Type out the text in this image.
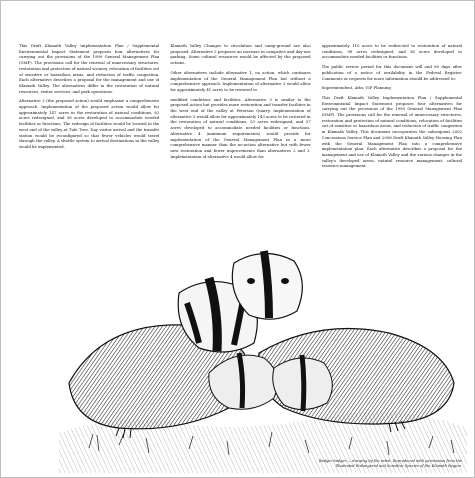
This Draft Klamath Valley Implementation Plan / Supplemental Environmental Impact Statement proposes four alternatives for carrying out the provisions of the 1999 General Management Plan (GMP). The provisions call for the renewal of unnecessary structures, restoration and protection of natural scenery, relocation of facilities out of sensitive or hazardous areas, and reduction of traffic congestion. Each alternative describes a proposal for the management and use of Klamath Valley. The alternatives differ in the restoration of natural resources, visitor services, and park operations.

Alternative 2 (the proposed action) would emphasize a comprehensive approach. Implementation of the proposed action would allow for approximately 147 acres in the restoration of natural conditions, 62 acres redesigned, and 38 acres developed to accommodate needed facilities or functions. The redesign of facilities would be located in the west end of the valley at Tule Tree. Day visitor arrival and the transfer station would be reconfigured so that fewer vehicles would travel through the valley. A shuttle system to arrival destinations in the valley would be implemented.

Klamath Valley Changes to circulation and camp-ground are also proposed. Alternative 2 proposes an increase in campsites and day-use parking. Some cultural resources would be affected by the proposed actions.

Other alternatives include alternative 1, no action, which continues implementation of the General Management Plan but without a comprehensive approach. Implementation of alternative 3 would allow for approximately 41 acres to be restored to

modified conditions and facilities. Alternative 3 is similar to the proposed action but provides more restoration and transfer facilities in the west end of the valley at Peterson Quarry. Implementation of alternative 3 would allow for approximately 143 acres to be restored in the restoration of natural conditions, 53 acres redesigned, and 37 acres developed to accommodate needed facilities or functions. Alternative 4 (minimum requirements) would provide for implementation of the General Management Plan in a more comprehensive manner than the no-action alternative but with fewer new restoration and fewer improvements than alternatives 2 and 3. Implementation of alternative 4 would allow for

approximately 110 acres to be redirected to restoration of natural conditions, 98 acres redesigned, and 36 acres developed to accommodate needed facilities or functions.

The public review period for this document will end 60 days after publication of a notice of availability in the Federal Register. Comments or requests for more information should be addressed to:

Superintendent, Attn: VIP Planning

This Draft Klamath Valley Implementation Plan / Supplemental Environmental Impact Statement proposes four alternatives for carrying out the provisions of the 1999 General Management Plan (GMP). The provisions call for the renewal of unnecessary structures, restoration and protection of natural conditions, relocation of facilities out of sensitive or hazardous areas, and reduction of traffic congestion in Klamath Valley. This document incorporates the subsequent 2002 Concessions Service Plan and 2006 Draft Klamath Valley Housing Plan with the General Management Plan into a comprehensive implementation plan. Each alternative describes a proposal for the management and use of Klamath Valley and the various changes in the valley's developed areas, natural resource management, cultural resource management.

Badger badger — drawing by the artist. Reproduced with permission from the
Illustrated Endangered and Sensitive Species of the Klamath Region.
